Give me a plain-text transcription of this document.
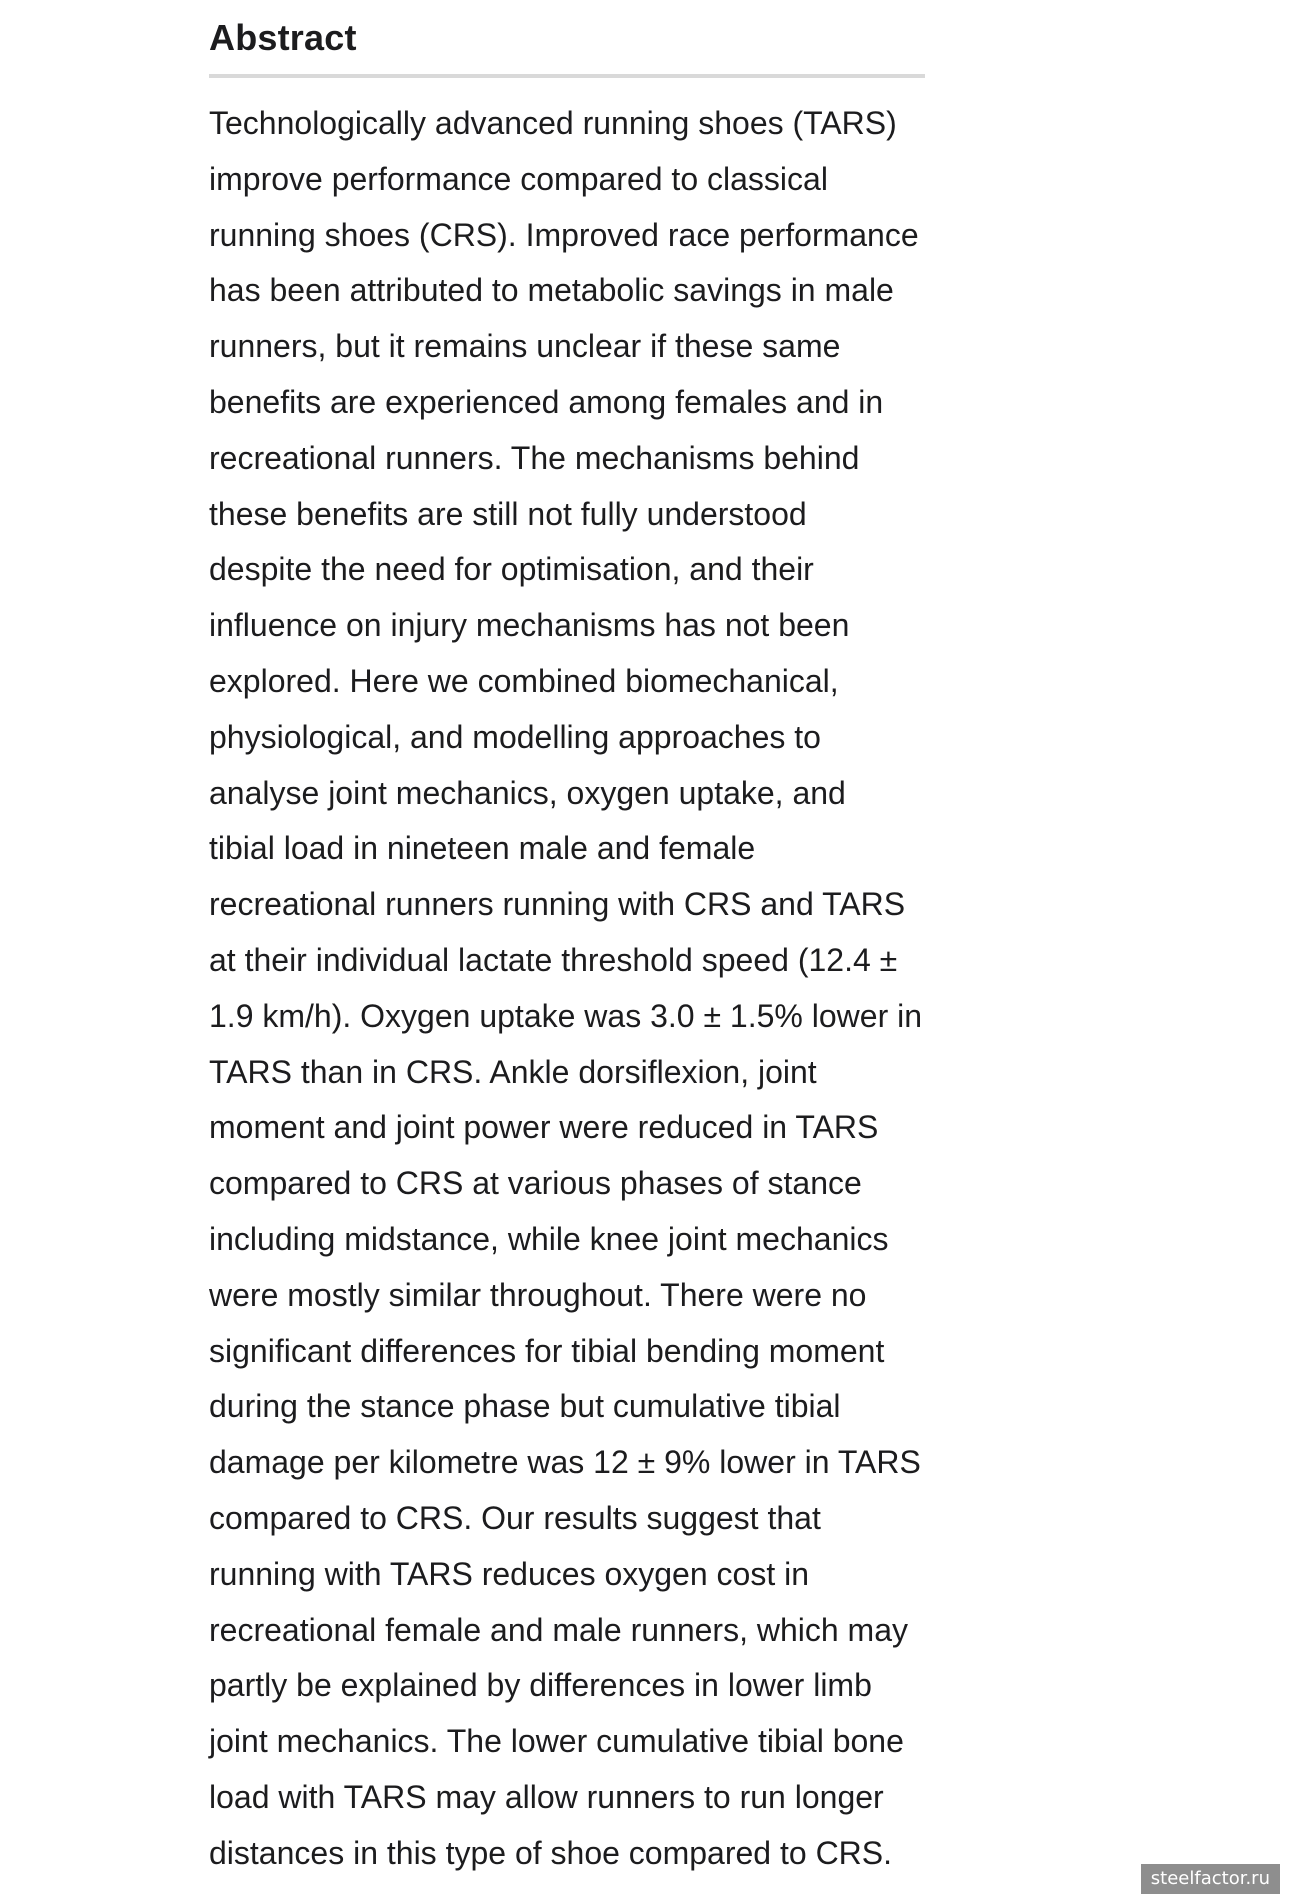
Abstract
Technologically advanced running shoes (TARS)
improve performance compared to classical
running shoes (CRS). Improved race performance
has been attributed to metabolic savings in male
runners, but it remains unclear if these same
benefits are experienced among females and in
recreational runners. The mechanisms behind
these benefits are still not fully understood
despite the need for optimisation, and their
influence on injury mechanisms has not been
explored. Here we combined biomechanical,
physiological, and modelling approaches to
analyse joint mechanics, oxygen uptake, and
tibial load in nineteen male and female
recreational runners running with CRS and TARS
at their individual lactate threshold speed (12.4 ±
1.9 km/h). Oxygen uptake was 3.0 ± 1.5% lower in
TARS than in CRS. Ankle dorsiflexion, joint
moment and joint power were reduced in TARS
compared to CRS at various phases of stance
including midstance, while knee joint mechanics
were mostly similar throughout. There were no
significant differences for tibial bending moment
during the stance phase but cumulative tibial
damage per kilometre was 12 ± 9% lower in TARS
compared to CRS. Our results suggest that
running with TARS reduces oxygen cost in
recreational female and male runners, which may
partly be explained by differences in lower limb
joint mechanics. The lower cumulative tibial bone
load with TARS may allow runners to run longer
distances in this type of shoe compared to CRS.
steelfactor.ru
